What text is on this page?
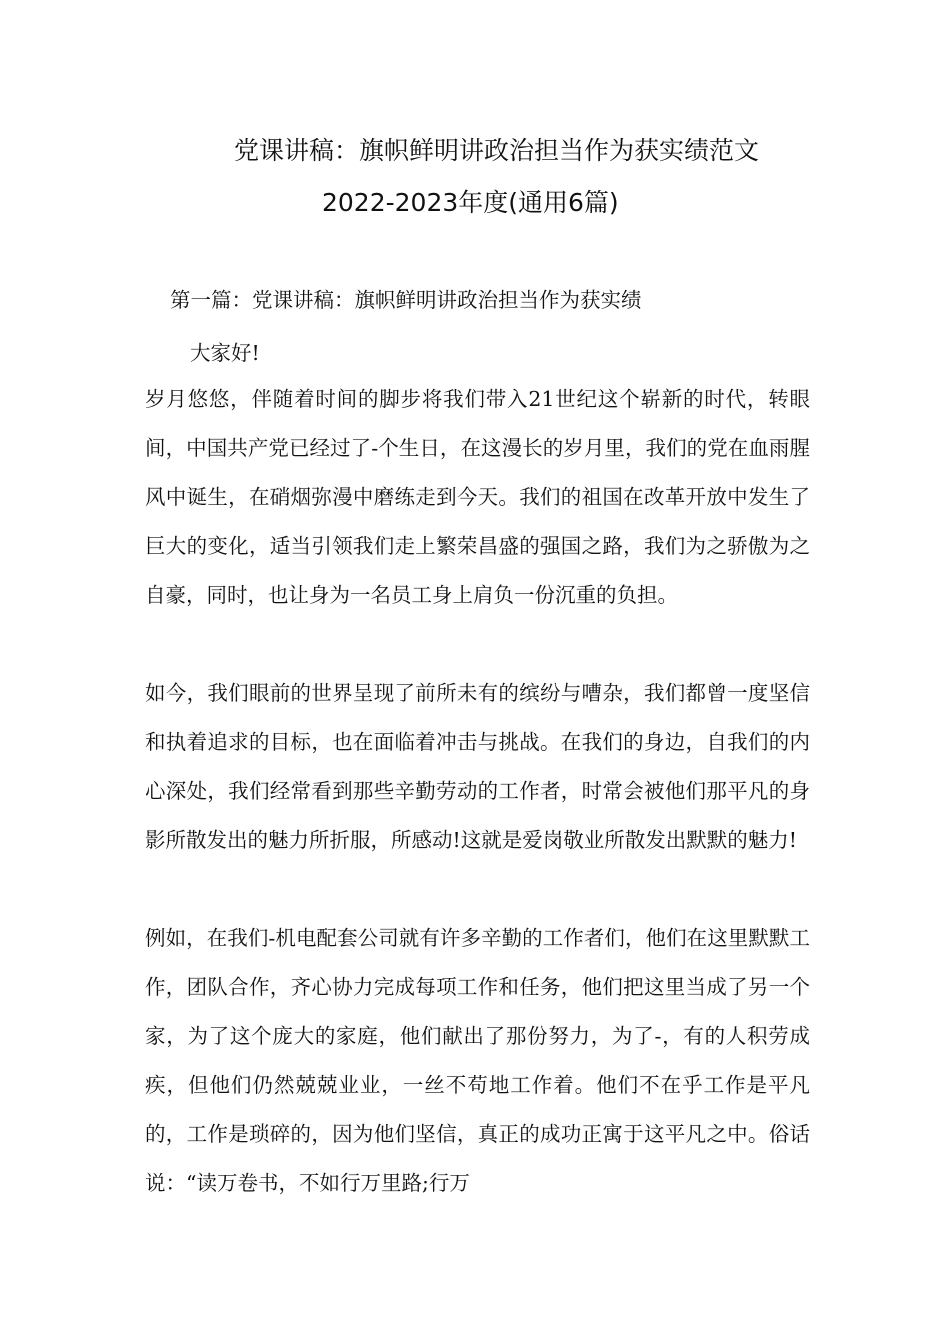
党课讲稿：旗帜鲜明讲政治担当作为获实绩范文
2022-2023年度(通用6篇)
第一篇：党课讲稿：旗帜鲜明讲政治担当作为获实绩
大家好!
岁月悠悠，伴随着时间的脚步将我们带入21世纪这个崭新的时代，转眼间，中国共产党已经过了-个生日，在这漫长的岁月里，我们的党在血雨腥风中诞生，在硝烟弥漫中磨练走到今天。我们的祖国在改革开放中发生了巨大的变化，适当引领我们走上繁荣昌盛的强国之路，我们为之骄傲为之自豪，同时，也让身为一名员工身上肩负一份沉重的负担。
如今，我们眼前的世界呈现了前所未有的缤纷与嘈杂，我们都曾一度坚信和执着追求的目标，也在面临着冲击与挑战。在我们的身边，自我们的内心深处，我们经常看到那些辛勤劳动的工作者，时常会被他们那平凡的身影所散发出的魅力所折服，所感动!这就是爱岗敬业所散发出默默的魅力!
例如，在我们-机电配套公司就有许多辛勤的工作者们，他们在这里默默工作，团队合作，齐心协力完成每项工作和任务，他们把这里当成了另一个家，为了这个庞大的家庭，他们献出了那份努力，为了-，有的人积劳成疾，但他们仍然兢兢业业，一丝不苟地工作着。他们不在乎工作是平凡的，工作是琐碎的，因为他们坚信，真正的成功正寓于这平凡之中。俗话说：“读万卷书，不如行万里路;行万
